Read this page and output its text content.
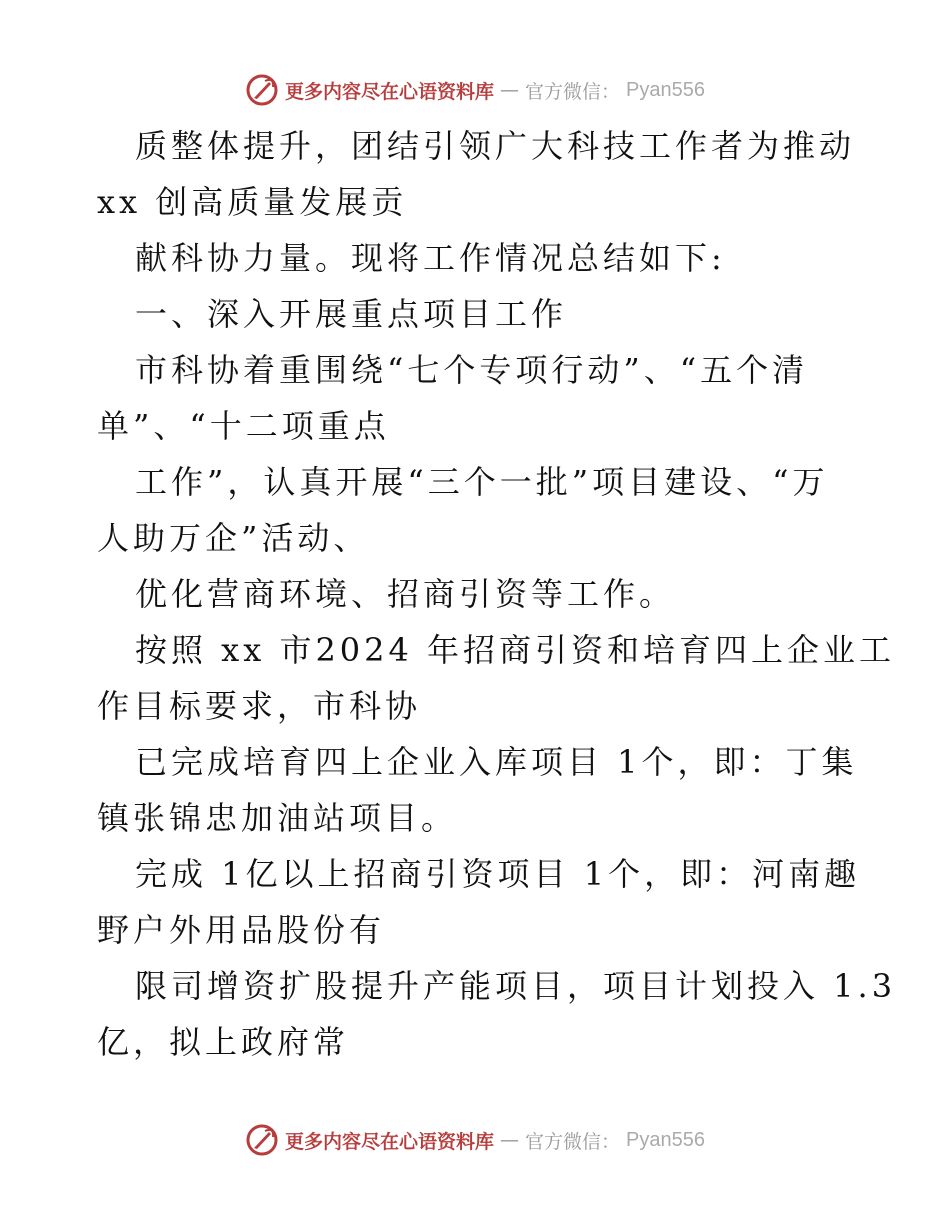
更多内容尽在心语资料库 — 官方微信： Pyan556
质整体提升，团结引领广大科技工作者为推动
xx 创高质量发展贡
献科协力量。现将工作情况总结如下:
一、深入开展重点项目工作
市科协着重围绕“七个专项行动”、“五个清
单”、“十二项重点
工作”，认真开展“三个一批”项目建设、“万
人助万企”活动、
优化营商环境、招商引资等工作。
按照 xx 市2024 年招商引资和培育四上企业工
作目标要求，市科协
已完成培育四上企业入库项目 1个，即：丁集
镇张锦忠加油站项目。
完成 1亿以上招商引资项目 1个，即：河南趣
野户外用品股份有
限司增资扩股提升产能项目，项目计划投入 1.3
亿，拟上政府常
更多内容尽在心语资料库 — 官方微信： Pyan556
